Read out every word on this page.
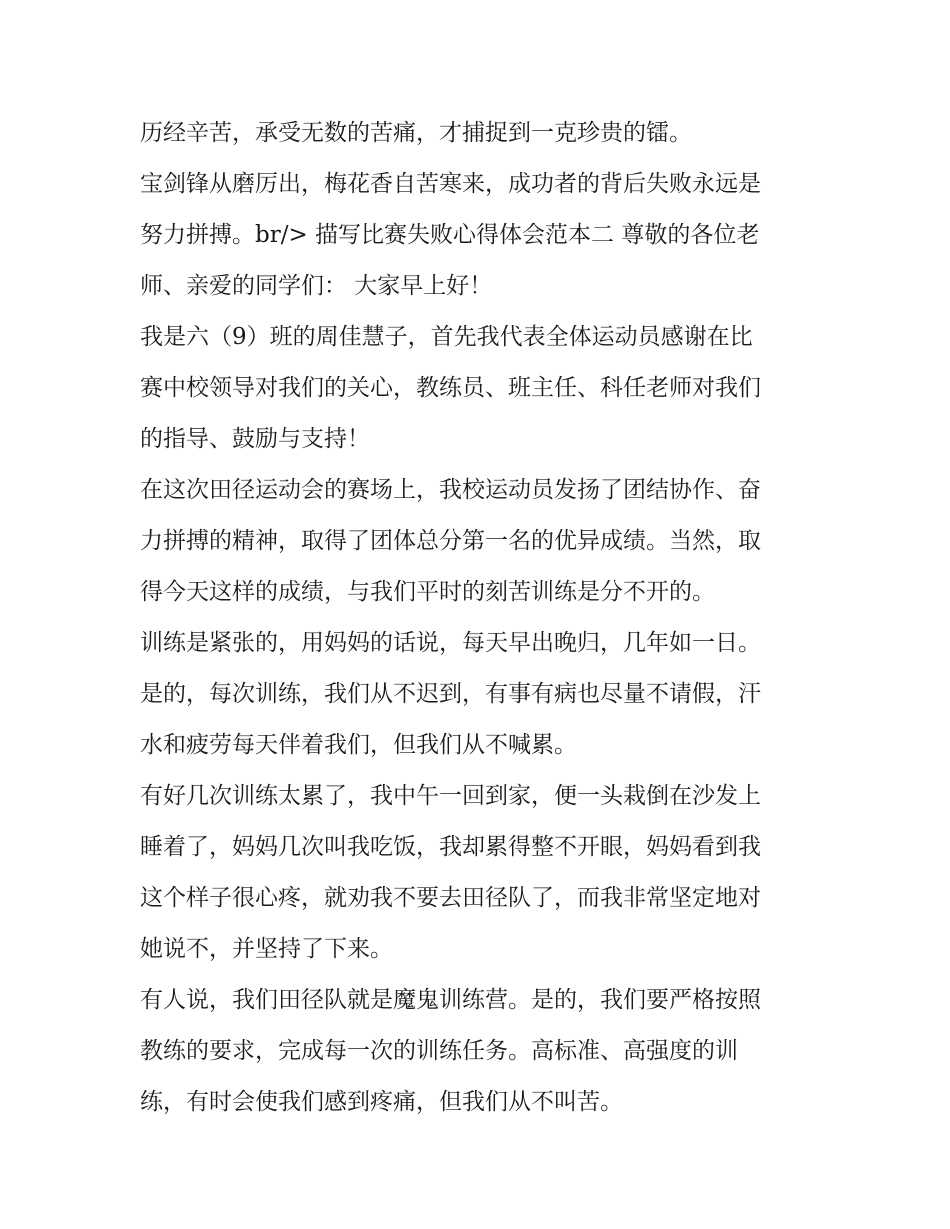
历经辛苦，承受无数的苦痛，才捕捉到一克珍贵的镭。
宝剑锋从磨厉出，梅花香自苦寒来，成功者的背后失败永远是
努力拼搏。br/> 描写比赛失败心得体会范本二 尊敬的各位老
师、亲爱的同学们： 大家早上好！
我是六（9）班的周佳慧子，首先我代表全体运动员感谢在比
赛中校领导对我们的关心，教练员、班主任、科任老师对我们
的指导、鼓励与支持！
在这次田径运动会的赛场上，我校运动员发扬了团结协作、奋
力拼搏的精神，取得了团体总分第一名的优异成绩。当然，取
得今天这样的成绩，与我们平时的刻苦训练是分不开的。
训练是紧张的，用妈妈的话说，每天早出晚归，几年如一日。
是的，每次训练，我们从不迟到，有事有病也尽量不请假，汗
水和疲劳每天伴着我们，但我们从不喊累。
有好几次训练太累了，我中午一回到家，便一头栽倒在沙发上
睡着了，妈妈几次叫我吃饭，我却累得整不开眼，妈妈看到我
这个样子很心疼，就劝我不要去田径队了，而我非常坚定地对
她说不，并坚持了下来。
有人说，我们田径队就是魔鬼训练营。是的，我们要严格按照
教练的要求，完成每一次的训练任务。高标准、高强度的训
练，有时会使我们感到疼痛，但我们从不叫苦。
